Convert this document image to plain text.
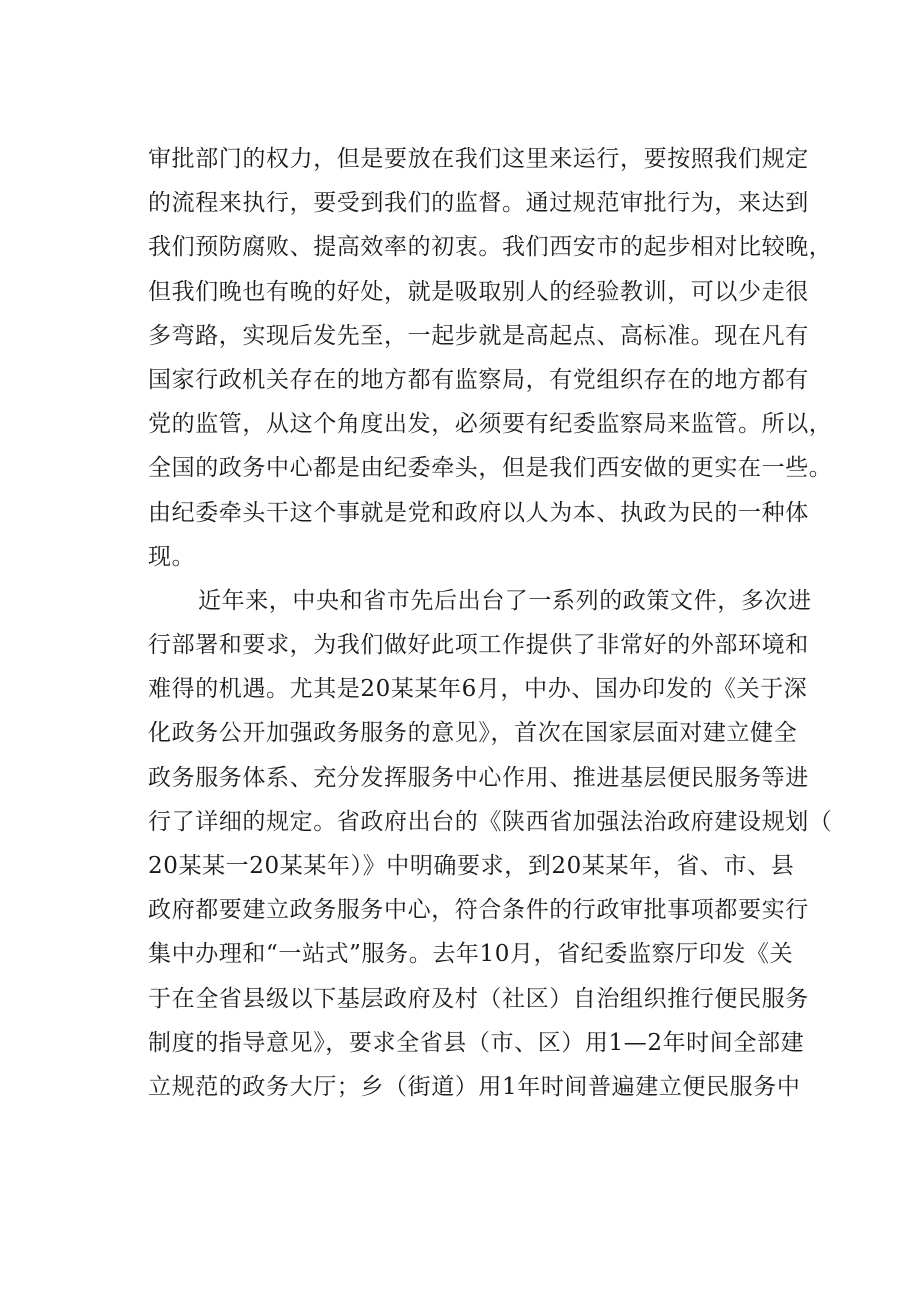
审批部门的权力，但是要放在我们这里来运行，要按照我们规定
的流程来执行，要受到我们的监督。通过规范审批行为，来达到
我们预防腐败、提高效率的初衷。我们西安市的起步相对比较晚，
但我们晚也有晚的好处，就是吸取别人的经验教训，可以少走很
多弯路，实现后发先至，一起步就是高起点、高标准。现在凡有
国家行政机关存在的地方都有监察局，有党组织存在的地方都有
党的监管，从这个角度出发，必须要有纪委监察局来监管。所以，
全国的政务中心都是由纪委牵头，但是我们西安做的更实在一些。
由纪委牵头干这个事就是党和政府以人为本、执政为民的一种体
现。
近年来，中央和省市先后出台了一系列的政策文件，多次进
行部署和要求，为我们做好此项工作提供了非常好的外部环境和
难得的机遇。尤其是20某某年6月，中办、国办印发的《关于深
化政务公开加强政务服务的意见》，首次在国家层面对建立健全
政务服务体系、充分发挥服务中心作用、推进基层便民服务等进
行了详细的规定。省政府出台的《陕西省加强法治政府建设规划（
20某某一20某某年）》中明确要求，到20某某年，省、市、县
政府都要建立政务服务中心，符合条件的行政审批事项都要实行
集中办理和“一站式”服务。去年10月，省纪委监察厅印发《关
于在全省县级以下基层政府及村（社区）自治组织推行便民服务
制度的指导意见》，要求全省县（市、区）用1—2年时间全部建
立规范的政务大厅；乡（街道）用1年时间普遍建立便民服务中
